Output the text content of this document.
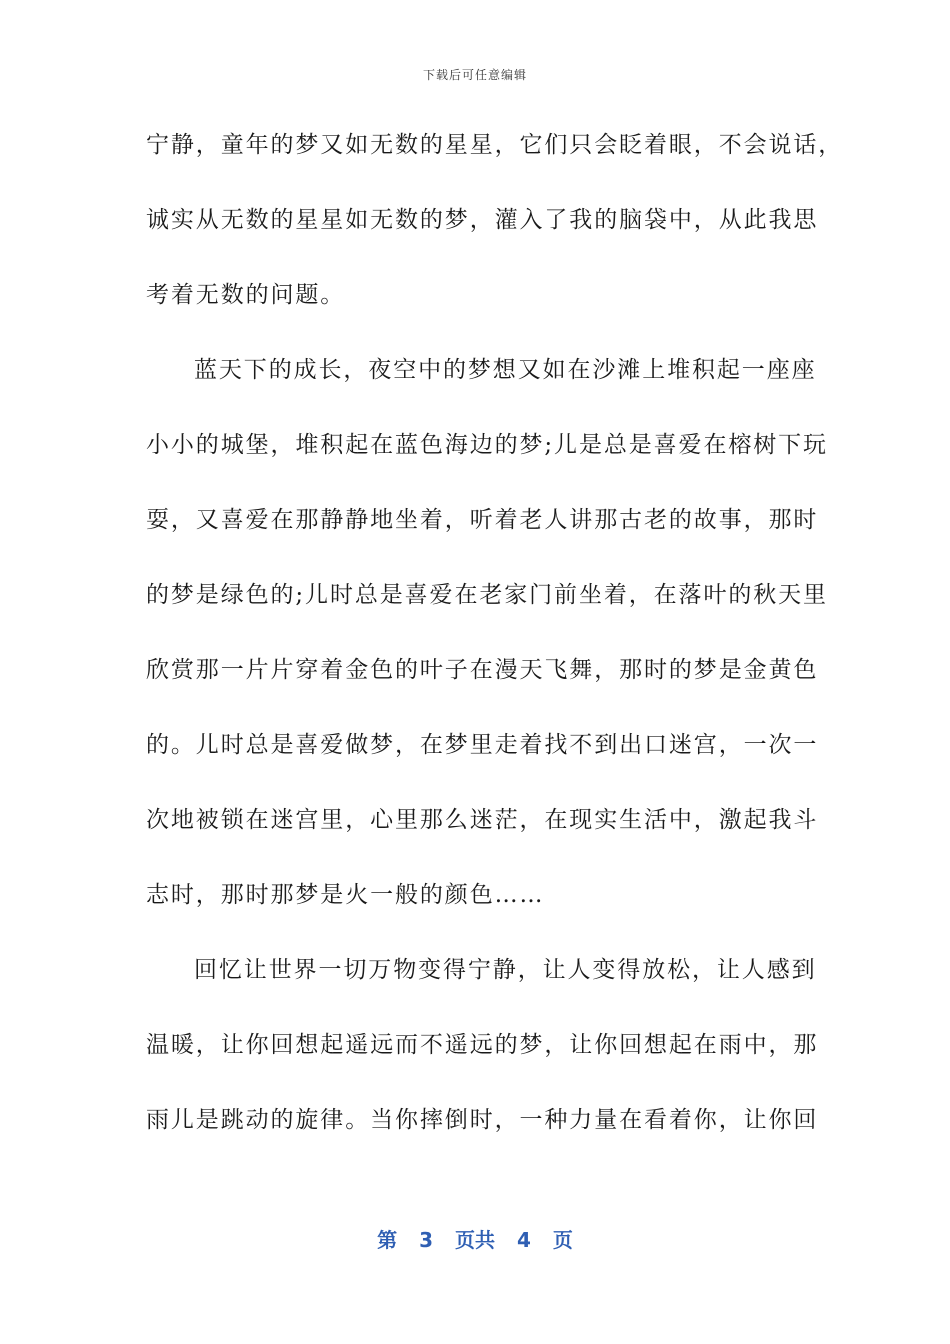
下载后可任意编辑
宁静，童年的梦又如无数的星星，它们只会眨着眼，不会说话，
诚实从无数的星星如无数的梦，灌入了我的脑袋中，从此我思
考着无数的问题。
蓝天下的成长，夜空中的梦想又如在沙滩上堆积起一座座
小小的城堡，堆积起在蓝色海边的梦;儿是总是喜爱在榕树下玩
耍，又喜爱在那静静地坐着，听着老人讲那古老的故事，那时
的梦是绿色的;儿时总是喜爱在老家门前坐着，在落叶的秋天里
欣赏那一片片穿着金色的叶子在漫天飞舞，那时的梦是金黄色
的。儿时总是喜爱做梦，在梦里走着找不到出口迷宫，一次一
次地被锁在迷宫里，心里那么迷茫，在现实生活中，激起我斗
志时，那时那梦是火一般的颜色……
回忆让世界一切万物变得宁静，让人变得放松，让人感到
温暖，让你回想起遥远而不遥远的梦，让你回想起在雨中，那
雨儿是跳动的旋律。当你摔倒时，一种力量在看着你，让你回
第 3 页共 4 页
